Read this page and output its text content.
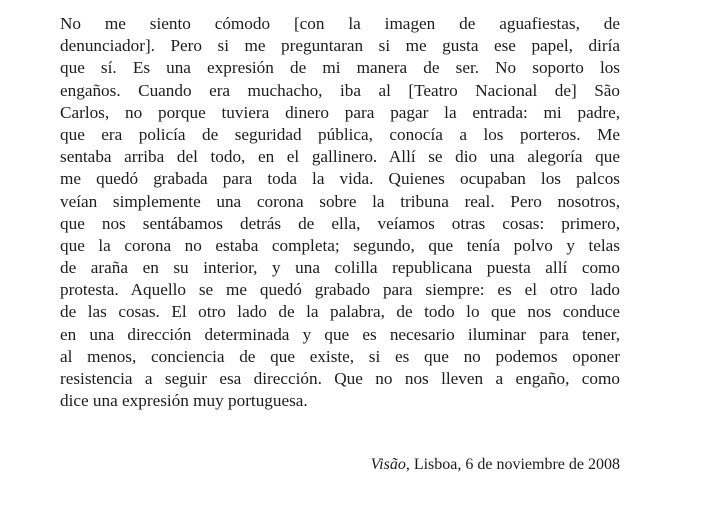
No me siento cómodo [con la imagen de aguafiestas, de
denunciador]. Pero si me preguntaran si me gusta ese papel, diría
que sí. Es una expresión de mi manera de ser. No soporto los
engaños. Cuando era muchacho, iba al [Teatro Nacional de] São
Carlos, no porque tuviera dinero para pagar la entrada: mi padre,
que era policía de seguridad pública, conocía a los porteros. Me
sentaba arriba del todo, en el gallinero. Allí se dio una alegoría que
me quedó grabada para toda la vida. Quienes ocupaban los palcos
veían simplemente una corona sobre la tribuna real. Pero nosotros,
que nos sentábamos detrás de ella, veíamos otras cosas: primero,
que la corona no estaba completa; segundo, que tenía polvo y telas
de araña en su interior, y una colilla republicana puesta allí como
protesta. Aquello se me quedó grabado para siempre: es el otro lado
de las cosas. El otro lado de la palabra, de todo lo que nos conduce
en una dirección determinada y que es necesario iluminar para tener,
al menos, conciencia de que existe, si es que no podemos oponer
resistencia a seguir esa dirección. Que no nos lleven a engaño, como
dice una expresión muy portuguesa.
Visão, Lisboa, 6 de noviembre de 2008
